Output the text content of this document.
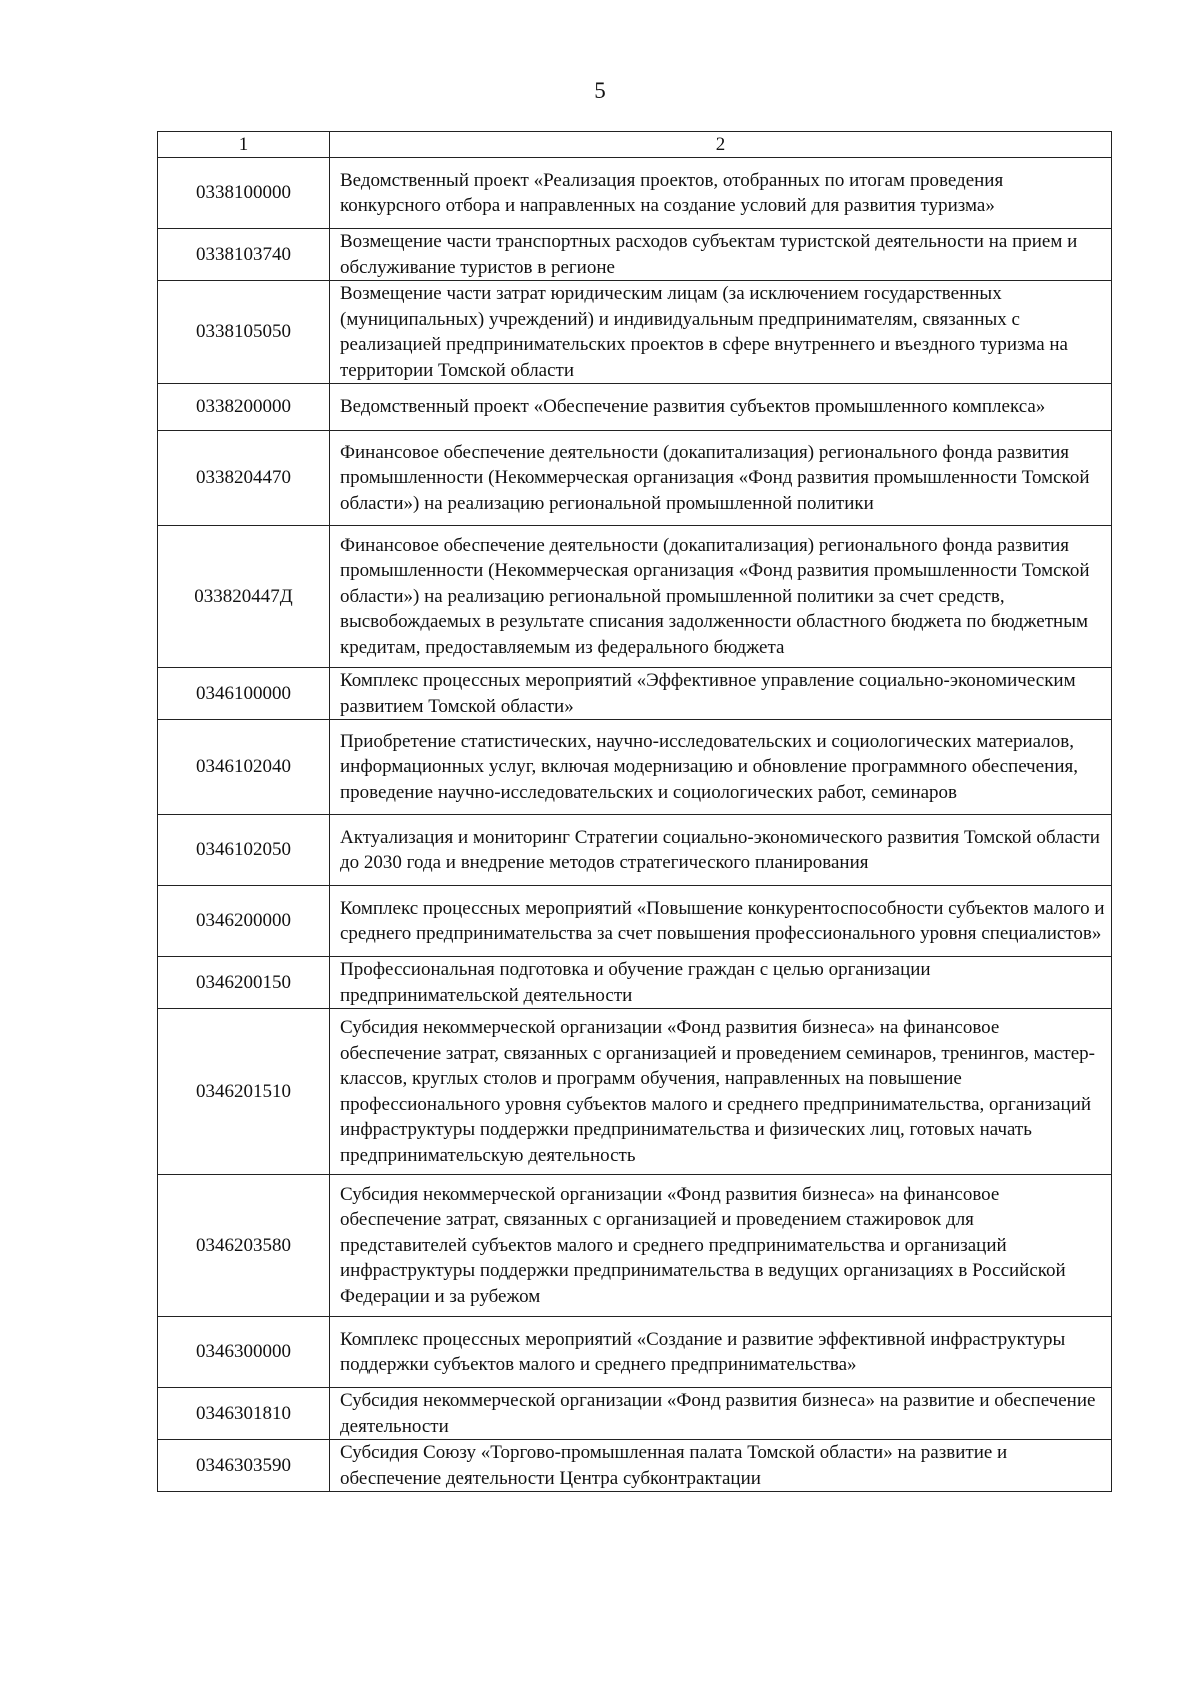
5
1	2
0338100000	Ведомственный проект «Реализация проектов, отобранных по итогам проведения конкурсного отбора и направленных на создание условий для развития туризма»
0338103740	Возмещение части транспортных расходов субъектам туристской деятельности на прием и обслуживание туристов в регионе
0338105050	Возмещение части затрат юридическим лицам (за исключением государственных (муниципальных) учреждений) и индивидуальным предпринимателям, связанных с реализацией предпринимательских проектов в сфере внутреннего и въездного туризма на территории Томской области
0338200000	Ведомственный проект «Обеспечение развития субъектов промышленного комплекса»
0338204470	Финансовое обеспечение деятельности (докапитализация) регионального фонда развития промышленности (Некоммерческая организация «Фонд развития промышленности Томской области») на реализацию региональной промышленной политики
033820447Д	Финансовое обеспечение деятельности (докапитализация) регионального фонда развития промышленности (Некоммерческая организация «Фонд развития промышленности Томской области») на реализацию региональной промышленной политики за счет средств, высвобождаемых в результате списания задолженности областного бюджета по бюджетным кредитам, предоставляемым из федерального бюджета
0346100000	Комплекс процессных мероприятий «Эффективное управление социально-экономическим развитием Томской области»
0346102040	Приобретение статистических, научно-исследовательских и социологических материалов, информационных услуг, включая модернизацию и обновление программного обеспечения, проведение научно-исследовательских и социологических работ, семинаров
0346102050	Актуализация и мониторинг Стратегии социально-экономического развития Томской области до 2030 года и внедрение методов стратегического планирования
0346200000	Комплекс процессных мероприятий «Повышение конкурентоспособности субъектов малого и среднего предпринимательства за счет повышения профессионального уровня специалистов»
0346200150	Профессиональная подготовка и обучение граждан с целью организации предпринимательской деятельности
0346201510	Субсидия некоммерческой организации «Фонд развития бизнеса» на финансовое обеспечение затрат, связанных с организацией и проведением семинаров, тренингов, мастер-классов, круглых столов и программ обучения, направленных на повышение профессионального уровня субъектов малого и среднего предпринимательства, организаций инфраструктуры поддержки предпринимательства и физических лиц, готовых начать предпринимательскую деятельность
0346203580	Субсидия некоммерческой организации «Фонд развития бизнеса» на финансовое обеспечение затрат, связанных с организацией и проведением стажировок для представителей субъектов малого и среднего предпринимательства и организаций инфраструктуры поддержки предпринимательства в ведущих организациях в Российской Федерации и за рубежом
0346300000	Комплекс процессных мероприятий «Создание и развитие эффективной инфраструктуры поддержки субъектов малого и среднего предпринимательства»
0346301810	Субсидия некоммерческой организации «Фонд развития бизнеса» на развитие и обеспечение деятельности
0346303590	Субсидия Союзу «Торгово-промышленная палата Томской области» на развитие и обеспечение деятельности Центра субконтрактации
